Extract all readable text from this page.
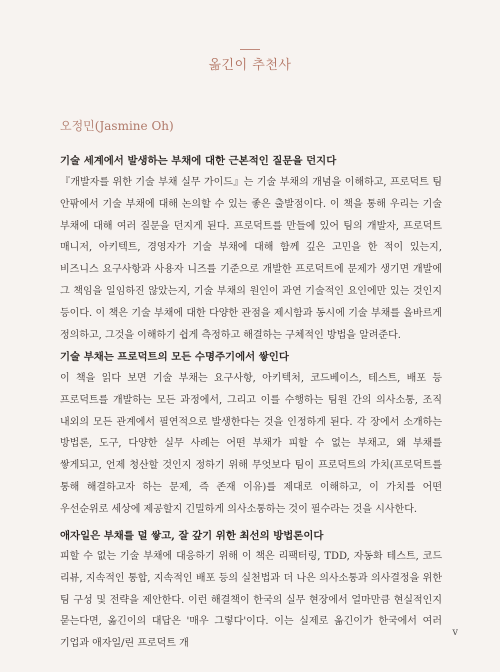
옮긴이 추천사
오정민(Jasmine Oh)
기술 세계에서 발생하는 부채에 대한 근본적인 질문을 던지다
『개발자를 위한 기술 부채 실무 가이드』는 기술 부채의 개념을 이해하고, 프로덕트 팀 안팎에서 기술 부채에 대해 논의할 수 있는 좋은 출발점이다. 이 책을 통해 우리는 기술 부채에 대해 여러 질문을 던지게 된다. 프로덕트를 만들에 있어 팀의 개발자, 프로덕트 매니저, 아키텍트, 경영자가 기술 부채에 대해 함께 깊은 고민을 한 적이 있는지, 비즈니스 요구사항과 사용자 니즈를 기준으로 개발한 프로덕트에 문제가 생기면 개발에 그 책임을 일임하진 않았는지, 기술 부채의 원인이 과연 기술적인 요인에만 있는 것인지 등이다. 이 책은 기술 부채에 대한 다양한 관점을 제시함과 동시에 기술 부채를 올바르게 정의하고, 그것을 이해하기 쉽게 측정하고 해결하는 구체적인 방법을 알려준다.
기술 부채는 프로덕트의 모든 수명주기에서 쌓인다
이 책을 읽다 보면 기술 부채는 요구사항, 아키텍처, 코드베이스, 테스트, 배포 등 프로덕트를 개발하는 모든 과정에서, 그리고 이를 수행하는 팀원 간의 의사소통, 조직 내외의 모든 관계에서 필연적으로 발생한다는 것을 인정하게 된다. 각 장에서 소개하는 방법론, 도구, 다양한 실무 사례는 어떤 부채가 피할 수 없는 부채고, 왜 부채를 쌓게되고, 언제 청산할 것인지 정하기 위해 무엇보다 팀이 프로덕트의 가치(프로덕트를 통해 해결하고자 하는 문제, 즉 존재 이유)를 제대로 이해하고, 이 가치를 어떤 우선순위로 세상에 제공할지 긴밀하게 의사소통하는 것이 필수라는 것을 시사한다.
애자일은 부채를 덜 쌓고, 잘 갚기 위한 최선의 방법론이다
피할 수 없는 기술 부채에 대응하기 위해 이 책은 리팩터링, TDD, 자동화 테스트, 코드 리뷰, 지속적인 통합, 지속적인 배포 등의 실천법과 더 나은 의사소통과 의사결정을 위한 팀 구성 및 전략을 제안한다. 이런 해결책이 한국의 실무 현장에서 얼마만큼 현실적인지 묻는다면, 옮긴이의 대답은 '매우 그렇다'이다. 이는 실제로 옮긴이가 한국에서 여러 기업과 애자일/린 프로덕트 개
v
